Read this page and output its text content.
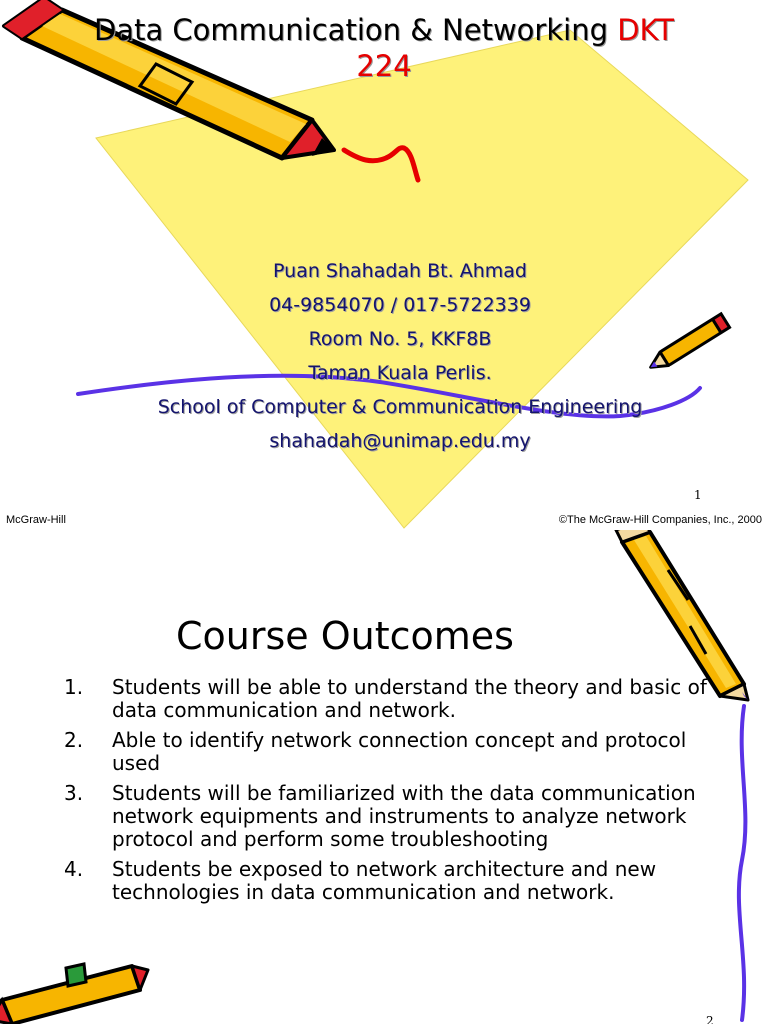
Data Communication & Networking DKT
224
Puan Shahadah Bt. Ahmad
04-9854070 / 017-5722339
Room No. 5, KKF8B
Taman Kuala Perlis.
School of Computer & Communication Engineering
shahadah@unimap.edu.my
1
McGraw-Hill	©The McGraw-Hill Companies, Inc., 2000
Course Outcomes
1. Students will be able to understand the theory and basic of data communication and network.
2. Able to identify network connection concept and protocol used
3. Students will be familiarized with the data communication network equipments and instruments to analyze network protocol and perform some troubleshooting
4. Students be exposed to network architecture and new technologies in data communication and network.
2
